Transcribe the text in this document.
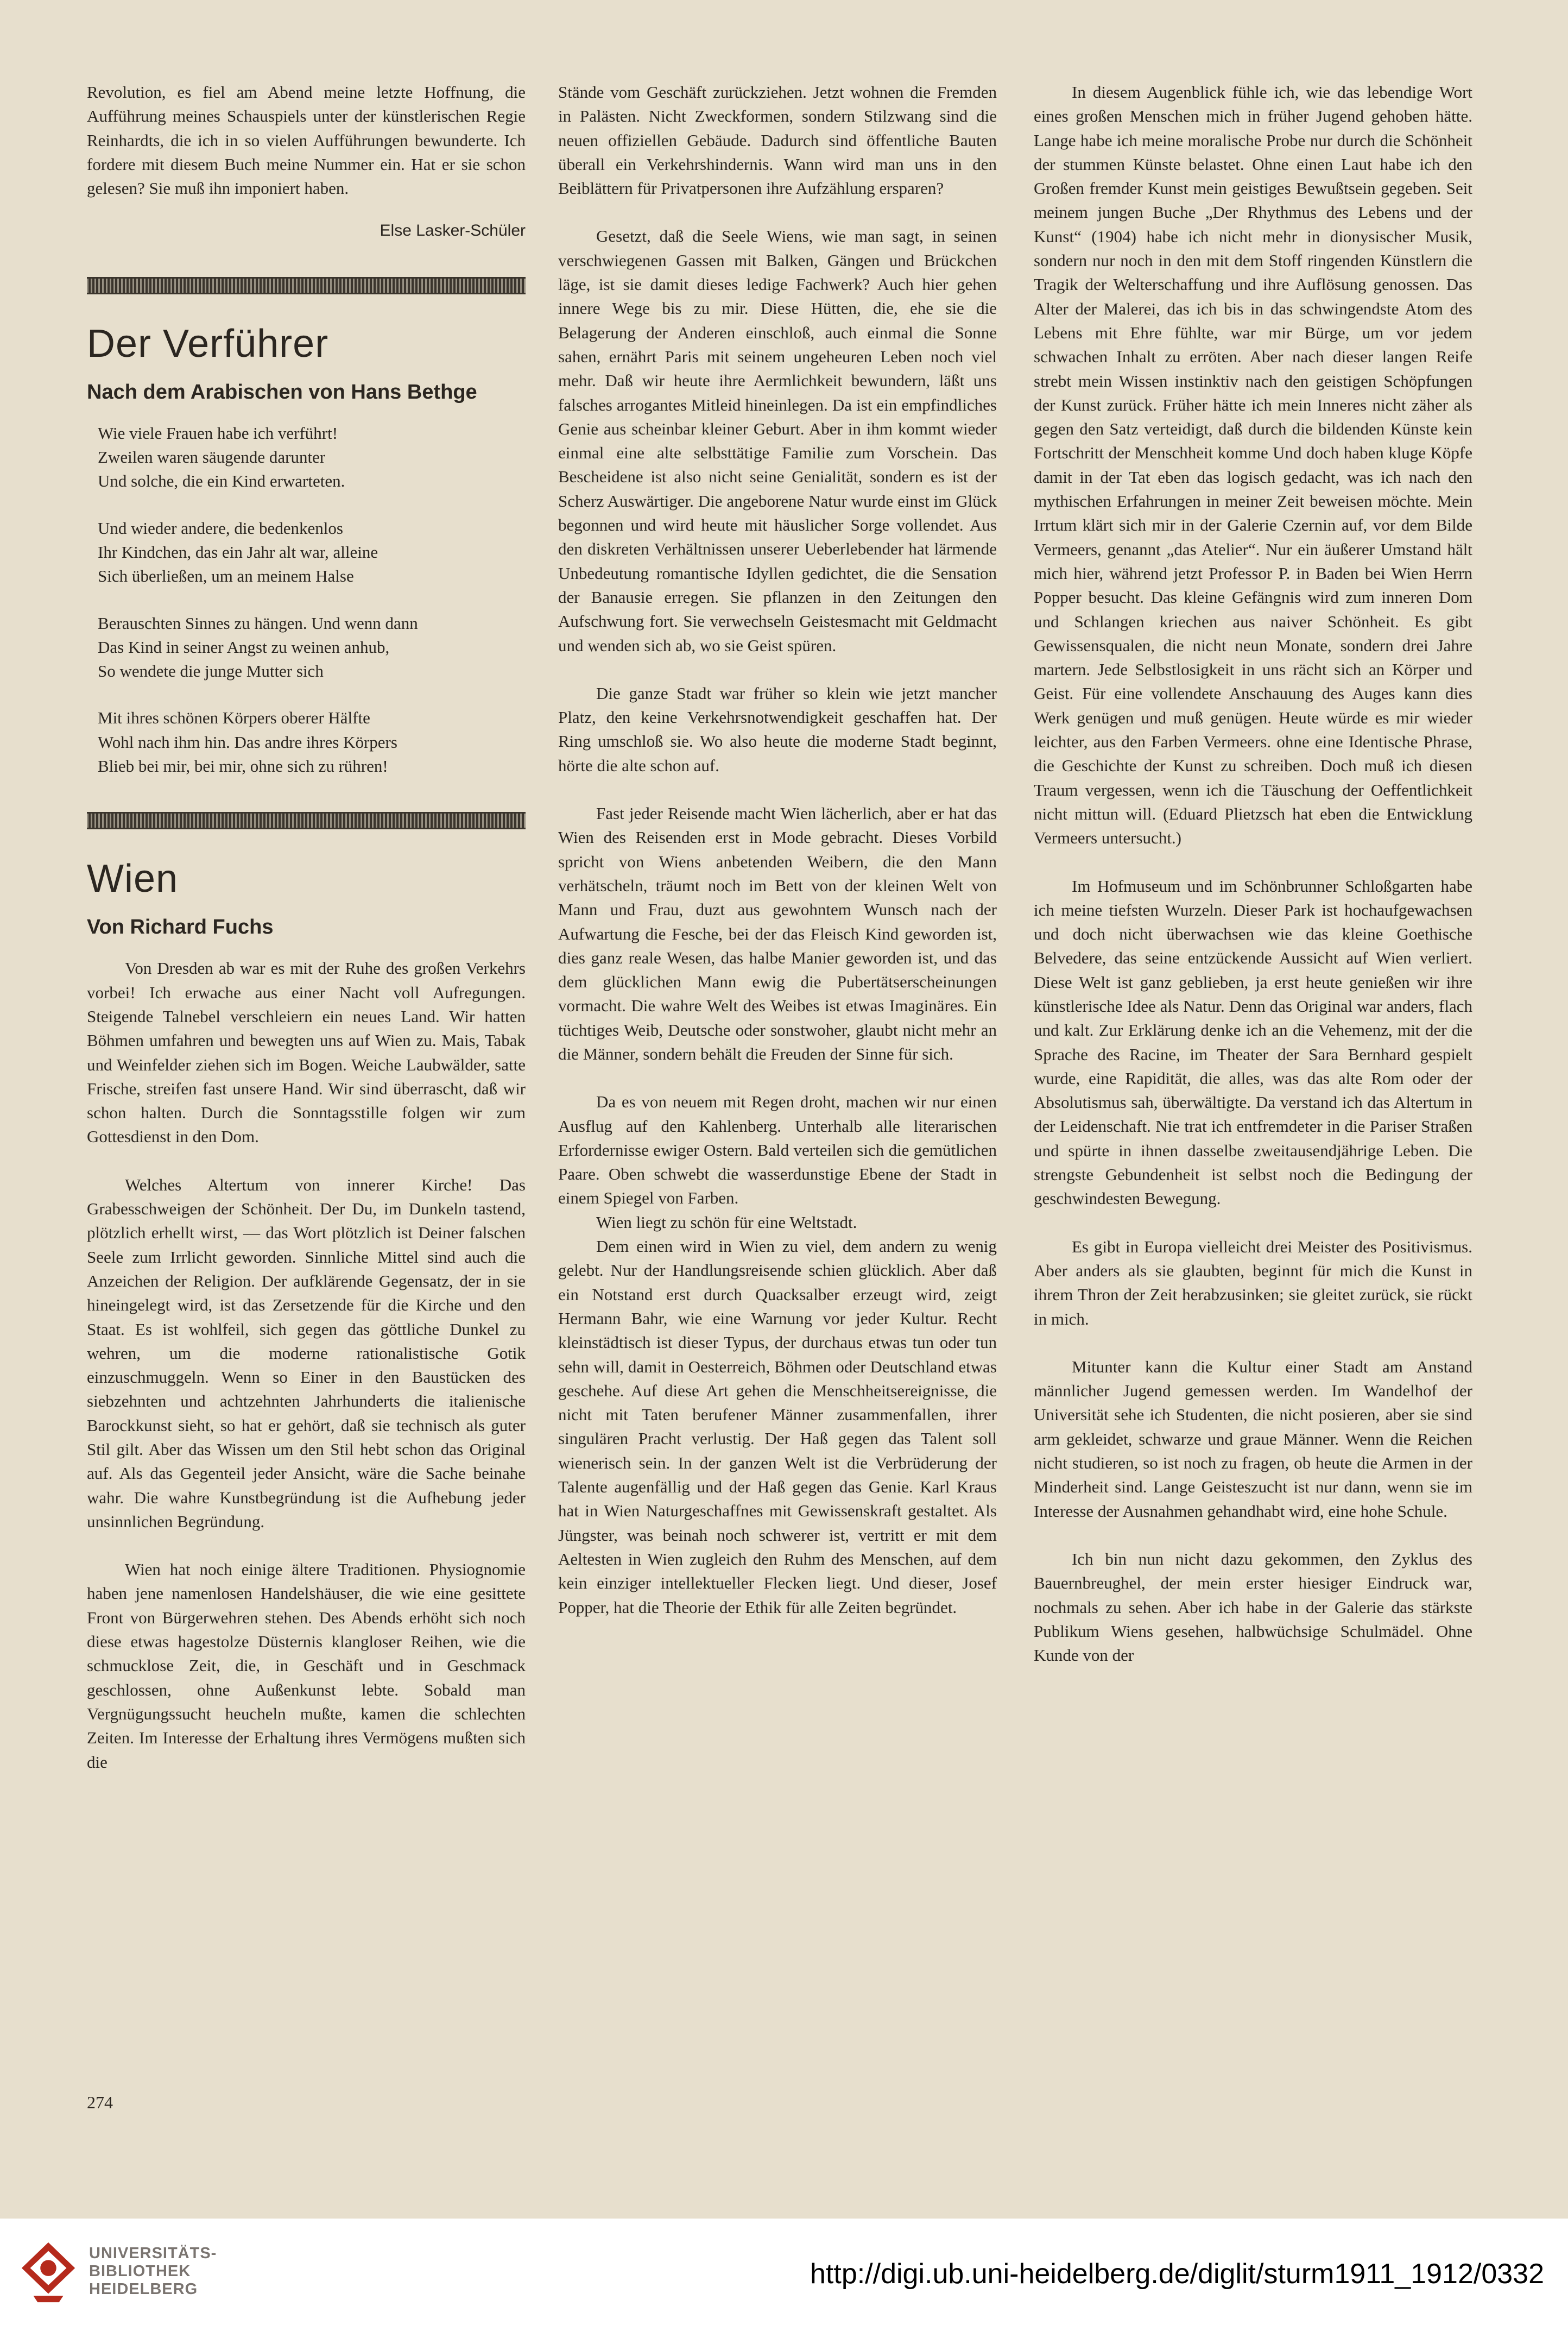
Revolution, es fiel am Abend meine letzte Hoffnung, die Aufführung meines Schauspiels unter der künstlerischen Regie Reinhardts, die ich in so vielen Aufführungen bewunderte. Ich fordere mit diesem Buch meine Nummer ein. Hat er sie schon gelesen? Sie muß ihn imponiert haben.

Else Lasker-Schüler

Der Verführer
Nach dem Arabischen von Hans Bethge
Wie viele Frauen habe ich verführt!
Zweilen waren säugende darunter
Und solche, die ein Kind erwarteten.
Und wieder andere, die bedenkenlos
Ihr Kindchen, das ein Jahr alt war, alleine
Sich überließen, um an meinem Halse
Berauschten Sinnes zu hängen. Und wenn dann
Das Kind in seiner Angst zu weinen anhub,
So wendete die junge Mutter sich
Mit ihres schönen Körpers oberer Hälfte
Wohl nach ihm hin. Das andre ihres Körpers
Blieb bei mir, bei mir, ohne sich zu rühren!
Wien
Von Richard Fuchs

Von Dresden ab war es mit der Ruhe des großen Verkehrs vorbei! Ich erwache aus einer Nacht voll Aufregungen. Steigende Talnebel verschleiern ein neues Land. Wir hatten Böhmen umfahren und bewegten uns auf Wien zu. Mais, Tabak und Weinfelder ziehen sich im Bogen. Weiche Laubwälder, satte Frische, streifen fast unsere Hand. Wir sind überrascht, daß wir schon halten. Durch die Sonntagsstille folgen wir zum Gottesdienst in den Dom.

Welches Altertum von innerer Kirche! Das Grabesschweigen der Schönheit. Der Du, im Dunkeln tastend, plötzlich erhellt wirst, — das Wort plötzlich ist Deiner falschen Seele zum Irrlicht geworden. Sinnliche Mittel sind auch die Anzeichen der Religion. Der aufklärende Gegensatz, der in sie hineingelegt wird, ist das Zersetzende für die Kirche und den Staat. Es ist wohlfeil, sich gegen das göttliche Dunkel zu wehren, um die moderne rationalistische Gotik einzuschmuggeln. Wenn so Einer in den Baustücken des siebzehnten und achtzehnten Jahrhunderts die italienische Barockkunst sieht, so hat er gehört, daß sie technisch als guter Stil gilt. Aber das Wissen um den Stil hebt schon das Original auf. Als das Gegenteil jeder Ansicht, wäre die Sache beinahe wahr. Die wahre Kunstbegründung ist die Aufhebung jeder unsinnlichen Begründung.

Wien hat noch einige ältere Traditionen. Physiognomie haben jene namenlosen Handelshäuser, die wie eine gesittete Front von Bürgerwehren stehen. Des Abends erhöht sich noch diese etwas hagestolze Düsternis klangloser Reihen, wie die schmucklose Zeit, die, in Geschäft und in Geschmack geschlossen, ohne Außenkunst lebte. Sobald man Vergnügungssucht heucheln mußte, kamen die schlechten Zeiten. Im Interesse der Erhaltung ihres Vermögens mußten sich die

Stände vom Geschäft zurückziehen. Jetzt wohnen die Fremden in Palästen. Nicht Zweckformen, sondern Stilzwang sind die neuen offiziellen Gebäude. Dadurch sind öffentliche Bauten überall ein Verkehrshindernis. Wann wird man uns in den Beiblättern für Privatpersonen ihre Aufzählung ersparen?

Gesetzt, daß die Seele Wiens, wie man sagt, in seinen verschwiegenen Gassen mit Balken, Gängen und Brückchen läge, ist sie damit dieses ledige Fachwerk? Auch hier gehen innere Wege bis zu mir. Diese Hütten, die, ehe sie die Belagerung der Anderen einschloß, auch einmal die Sonne sahen, ernährt Paris mit seinem ungeheuren Leben noch viel mehr. Daß wir heute ihre Aermlichkeit bewundern, läßt uns falsches arrogantes Mitleid hineinlegen. Da ist ein empfindliches Genie aus scheinbar kleiner Geburt. Aber in ihm kommt wieder einmal eine alte selbsttätige Familie zum Vorschein. Das Bescheidene ist also nicht seine Genialität, sondern es ist der Scherz Auswärtiger. Die angeborene Natur wurde einst im Glück begonnen und wird heute mit häuslicher Sorge vollendet. Aus den diskreten Verhältnissen unserer Ueberlebender hat lärmende Unbedeutung romantische Idyllen gedichtet, die die Sensation der Banausie erregen. Sie pflanzen in den Zeitungen den Aufschwung fort. Sie verwechseln Geistesmacht mit Geldmacht und wenden sich ab, wo sie Geist spüren.

Die ganze Stadt war früher so klein wie jetzt mancher Platz, den keine Verkehrsnotwendigkeit geschaffen hat. Der Ring umschloß sie. Wo also heute die moderne Stadt beginnt, hörte die alte schon auf.

Fast jeder Reisende macht Wien lächerlich, aber er hat das Wien des Reisenden erst in Mode gebracht. Dieses Vorbild spricht von Wiens anbetenden Weibern, die den Mann verhätscheln, träumt noch im Bett von der kleinen Welt von Mann und Frau, duzt aus gewohntem Wunsch nach der Aufwartung die Fesche, bei der das Fleisch Kind geworden ist, dies ganz reale Wesen, das halbe Manier geworden ist, und das dem glücklichen Mann ewig die Pubertätserscheinungen vormacht. Die wahre Welt des Weibes ist etwas Imaginäres. Ein tüchtiges Weib, Deutsche oder sonstwoher, glaubt nicht mehr an die Männer, sondern behält die Freuden der Sinne für sich.

Da es von neuem mit Regen droht, machen wir nur einen Ausflug auf den Kahlenberg. Unterhalb alle literarischen Erfordernisse ewiger Ostern. Bald verteilen sich die gemütlichen Paare. Oben schwebt die wasserdunstige Ebene der Stadt in einem Spiegel von Farben.

Wien liegt zu schön für eine Weltstadt.

Dem einen wird in Wien zu viel, dem andern zu wenig gelebt. Nur der Handlungsreisende schien glücklich. Aber daß ein Notstand erst durch Quacksalber erzeugt wird, zeigt Hermann Bahr, wie eine Warnung vor jeder Kultur. Recht kleinstädtisch ist dieser Typus, der durchaus etwas tun oder tun sehn will, damit in Oesterreich, Böhmen oder Deutschland etwas geschehe. Auf diese Art gehen die Menschheitsereignisse, die nicht mit Taten berufener Männer zusammenfallen, ihrer singulären Pracht verlustig. Der Haß gegen das Talent soll wienerisch sein. In der ganzen Welt ist die Verbrüderung der Talente augenfällig und der Haß gegen das Genie. Karl Kraus hat in Wien Naturgeschaffnes mit Gewissenskraft gestaltet. Als Jüngster, was beinah noch schwerer ist, vertritt er mit dem Aeltesten in Wien zugleich den Ruhm des Menschen, auf dem kein einziger intellektueller Flecken liegt. Und dieser, Josef Popper, hat die Theorie der Ethik für alle Zeiten begründet.

In diesem Augenblick fühle ich, wie das lebendige Wort eines großen Menschen mich in früher Jugend gehoben hätte. Lange habe ich meine moralische Probe nur durch die Schönheit der stummen Künste belastet. Ohne einen Laut habe ich den Großen fremder Kunst mein geistiges Bewußtsein gegeben. Seit meinem jungen Buche „Der Rhythmus des Lebens und der Kunst“ (1904) habe ich nicht mehr in dionysischer Musik, sondern nur noch in den mit dem Stoff ringenden Künstlern die Tragik der Welterschaffung und ihre Auflösung genossen. Das Alter der Malerei, das ich bis in das schwingendste Atom des Lebens mit Ehre fühlte, war mir Bürge, um vor jedem schwachen Inhalt zu erröten. Aber nach dieser langen Reife strebt mein Wissen instinktiv nach den geistigen Schöpfungen der Kunst zurück. Früher hätte ich mein Inneres nicht zäher als gegen den Satz verteidigt, daß durch die bildenden Künste kein Fortschritt der Menschheit komme Und doch haben kluge Köpfe damit in der Tat eben das logisch gedacht, was ich nach den mythischen Erfahrungen in meiner Zeit beweisen möchte. Mein Irrtum klärt sich mir in der Galerie Czernin auf, vor dem Bilde Vermeers, genannt „das Atelier“. Nur ein äußerer Umstand hält mich hier, während jetzt Professor P. in Baden bei Wien Herrn Popper besucht. Das kleine Gefängnis wird zum inneren Dom und Schlangen kriechen aus naiver Schönheit. Es gibt Gewissensqualen, die nicht neun Monate, sondern drei Jahre martern. Jede Selbstlosigkeit in uns rächt sich an Körper und Geist. Für eine vollendete Anschauung des Auges kann dies Werk genügen und muß genügen. Heute würde es mir wieder leichter, aus den Farben Vermeers. ohne eine Identische Phrase, die Geschichte der Kunst zu schreiben. Doch muß ich diesen Traum vergessen, wenn ich die Täuschung der Oeffentlichkeit nicht mittun will. (Eduard Plietzsch hat eben die Entwicklung Vermeers untersucht.)

Im Hofmuseum und im Schönbrunner Schloßgarten habe ich meine tiefsten Wurzeln. Dieser Park ist hochaufgewachsen und doch nicht überwachsen wie das kleine Goethische Belvedere, das seine entzückende Aussicht auf Wien verliert. Diese Welt ist ganz geblieben, ja erst heute genießen wir ihre künstlerische Idee als Natur. Denn das Original war anders, flach und kalt. Zur Erklärung denke ich an die Vehemenz, mit der die Sprache des Racine, im Theater der Sara Bernhard gespielt wurde, eine Rapidität, die alles, was das alte Rom oder der Absolutismus sah, überwältigte. Da verstand ich das Altertum in der Leidenschaft. Nie trat ich entfremdeter in die Pariser Straßen und spürte in ihnen dasselbe zweitausendjährige Leben. Die strengste Gebundenheit ist selbst noch die Bedingung der geschwindesten Bewegung.

Es gibt in Europa vielleicht drei Meister des Positivismus. Aber anders als sie glaubten, beginnt für mich die Kunst in ihrem Thron der Zeit herabzusinken; sie gleitet zurück, sie rückt in mich.

Mitunter kann die Kultur einer Stadt am Anstand männlicher Jugend gemessen werden. Im Wandelhof der Universität sehe ich Studenten, die nicht posieren, aber sie sind arm gekleidet, schwarze und graue Männer. Wenn die Reichen nicht studieren, so ist noch zu fragen, ob heute die Armen in der Minderheit sind. Lange Geisteszucht ist nur dann, wenn sie im Interesse der Ausnahmen gehandhabt wird, eine hohe Schule.

Ich bin nun nicht dazu gekommen, den Zyklus des Bauernbreughel, der mein erster hiesiger Eindruck war, nochmals zu sehen. Aber ich habe in der Galerie das stärkste Publikum Wiens gesehen, halbwüchsige Schulmädel. Ohne Kunde von der

274
UNIVERSITÄTS-
BIBLIOTHEK
HEIDELBERG	http://digi.ub.uni-heidelberg.de/diglit/sturm1911_1912/0332
